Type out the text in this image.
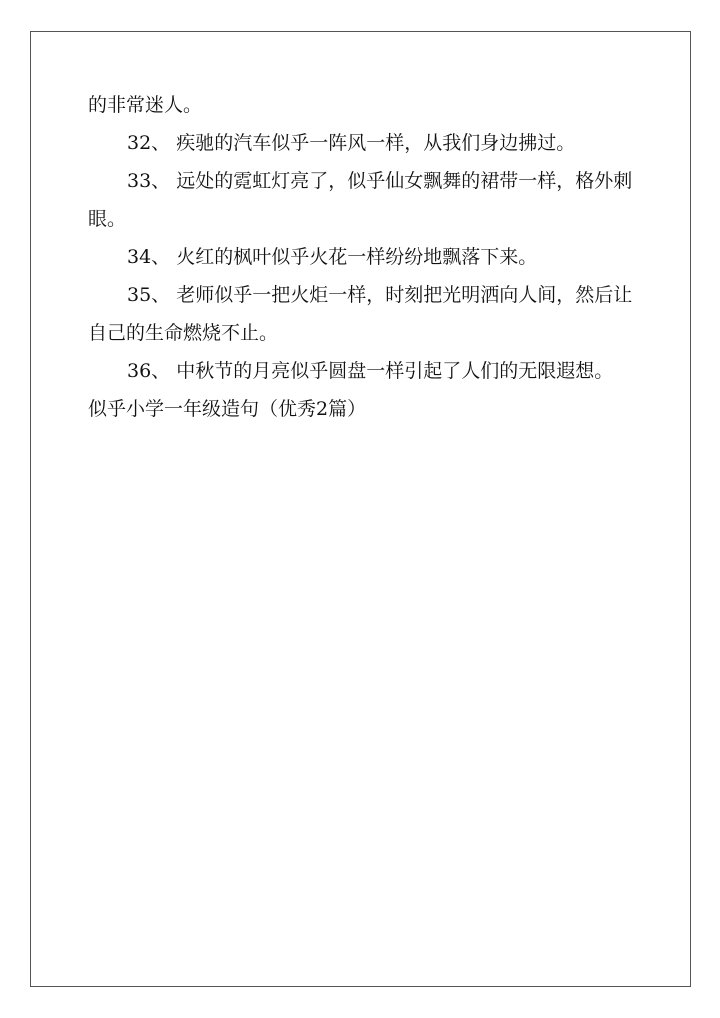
的非常迷人。
32、 疾驰的汽车似乎一阵风一样，从我们身边拂过。
33、 远处的霓虹灯亮了，似乎仙女飘舞的裙带一样，格外刺
眼。
34、 火红的枫叶似乎火花一样纷纷地飘落下来。
35、 老师似乎一把火炬一样，时刻把光明洒向人间，然后让
自己的生命燃烧不止。
36、 中秋节的月亮似乎圆盘一样引起了人们的无限遐想。
似乎小学一年级造句（优秀2篇）
